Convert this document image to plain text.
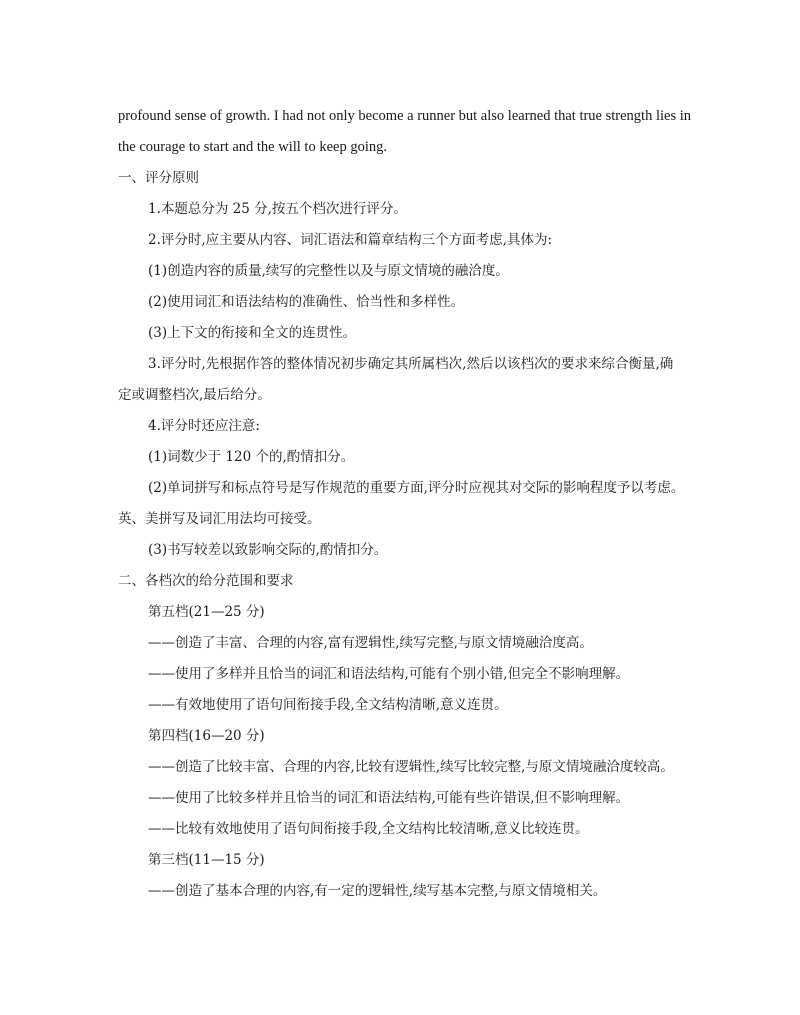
profound sense of growth. I had not only become a runner but also learned that true strength lies in
the courage to start and the will to keep going.
一、评分原则
1.本题总分为 25 分,按五个档次进行评分。
2.评分时,应主要从内容、词汇语法和篇章结构三个方面考虑,具体为:
(1)创造内容的质量,续写的完整性以及与原文情境的融洽度。
(2)使用词汇和语法结构的准确性、恰当性和多样性。
(3)上下文的衔接和全文的连贯性。
3.评分时,先根据作答的整体情况初步确定其所属档次,然后以该档次的要求来综合衡量,确
定或调整档次,最后给分。
4.评分时还应注意:
(1)词数少于 120 个的,酌情扣分。
(2)单词拼写和标点符号是写作规范的重要方面,评分时应视其对交际的影响程度予以考虑。
英、美拼写及词汇用法均可接受。
(3)书写较差以致影响交际的,酌情扣分。
二、各档次的给分范围和要求
第五档(21—25 分)
——创造了丰富、合理的内容,富有逻辑性,续写完整,与原文情境融洽度高。
——使用了多样并且恰当的词汇和语法结构,可能有个别小错,但完全不影响理解。
——有效地使用了语句间衔接手段,全文结构清晰,意义连贯。
第四档(16—20 分)
——创造了比较丰富、合理的内容,比较有逻辑性,续写比较完整,与原文情境融洽度较高。
——使用了比较多样并且恰当的词汇和语法结构,可能有些许错误,但不影响理解。
——比较有效地使用了语句间衔接手段,全文结构比较清晰,意义比较连贯。
第三档(11—15 分)
——创造了基本合理的内容,有一定的逻辑性,续写基本完整,与原文情境相关。
